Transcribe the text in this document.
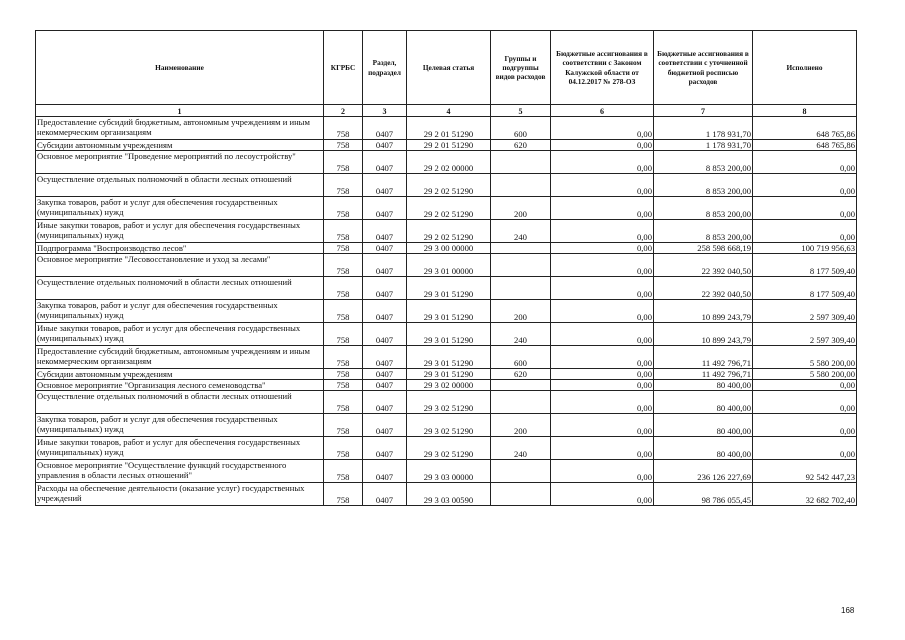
Наименование	КГРБС	Раздел, подраздел	Целевая статья	Группы и подгруппы видов расходов	Бюджетные ассигнования в соответствии с Законом Калужской области от 04.12.2017 № 278-ОЗ	Бюджетные ассигнования в соответствии с уточненной бюджетной росписью расходов	Исполнено
1	2	3	4	5	6	7	8
Предоставление субсидий бюджетным, автономным учреждениям и иным некоммерческим организациям	758	0407	29 2 01 51290	600	0,00	1 178 931,70	648 765,86
Субсидии автономным учреждениям	758	0407	29 2 01 51290	620	0,00	1 178 931,70	648 765,86
Основное мероприятие "Проведение мероприятий по лесоустройству"	758	0407	29 2 02 00000		0,00	8 853 200,00	0,00
Осуществление отдельных полномочий в области лесных отношений	758	0407	29 2 02 51290		0,00	8 853 200,00	0,00
Закупка товаров, работ и услуг для обеспечения государственных (муниципальных) нужд	758	0407	29 2 02 51290	200	0,00	8 853 200,00	0,00
Иные закупки товаров, работ и услуг для обеспечения государственных (муниципальных) нужд	758	0407	29 2 02 51290	240	0,00	8 853 200,00	0,00
Подпрограмма "Воспроизводство лесов"	758	0407	29 3 00 00000		0,00	258 598 668,19	100 719 956,63
Основное мероприятие "Лесовосстановление и уход за лесами"	758	0407	29 3 01 00000		0,00	22 392 040,50	8 177 509,40
Осуществление отдельных полномочий в области лесных отношений	758	0407	29 3 01 51290		0,00	22 392 040,50	8 177 509,40
Закупка товаров, работ и услуг для обеспечения государственных (муниципальных) нужд	758	0407	29 3 01 51290	200	0,00	10 899 243,79	2 597 309,40
Иные закупки товаров, работ и услуг для обеспечения государственных (муниципальных) нужд	758	0407	29 3 01 51290	240	0,00	10 899 243,79	2 597 309,40
Предоставление субсидий бюджетным, автономным учреждениям и иным некоммерческим организациям	758	0407	29 3 01 51290	600	0,00	11 492 796,71	5 580 200,00
Субсидии автономным учреждениям	758	0407	29 3 01 51290	620	0,00	11 492 796,71	5 580 200,00
Основное мероприятие "Организация лесного семеноводства"	758	0407	29 3 02 00000		0,00	80 400,00	0,00
Осуществление отдельных полномочий в области лесных отношений	758	0407	29 3 02 51290		0,00	80 400,00	0,00
Закупка товаров, работ и услуг для обеспечения государственных (муниципальных) нужд	758	0407	29 3 02 51290	200	0,00	80 400,00	0,00
Иные закупки товаров, работ и услуг для обеспечения государственных (муниципальных) нужд	758	0407	29 3 02 51290	240	0,00	80 400,00	0,00
Основное мероприятие "Осуществление функций государственного управления в области лесных отношений"	758	0407	29 3 03 00000		0,00	236 126 227,69	92 542 447,23
Расходы на обеспечение деятельности (оказание услуг) государственных учреждений	758	0407	29 3 03 00590		0,00	98 786 055,45	32 682 702,40
168
